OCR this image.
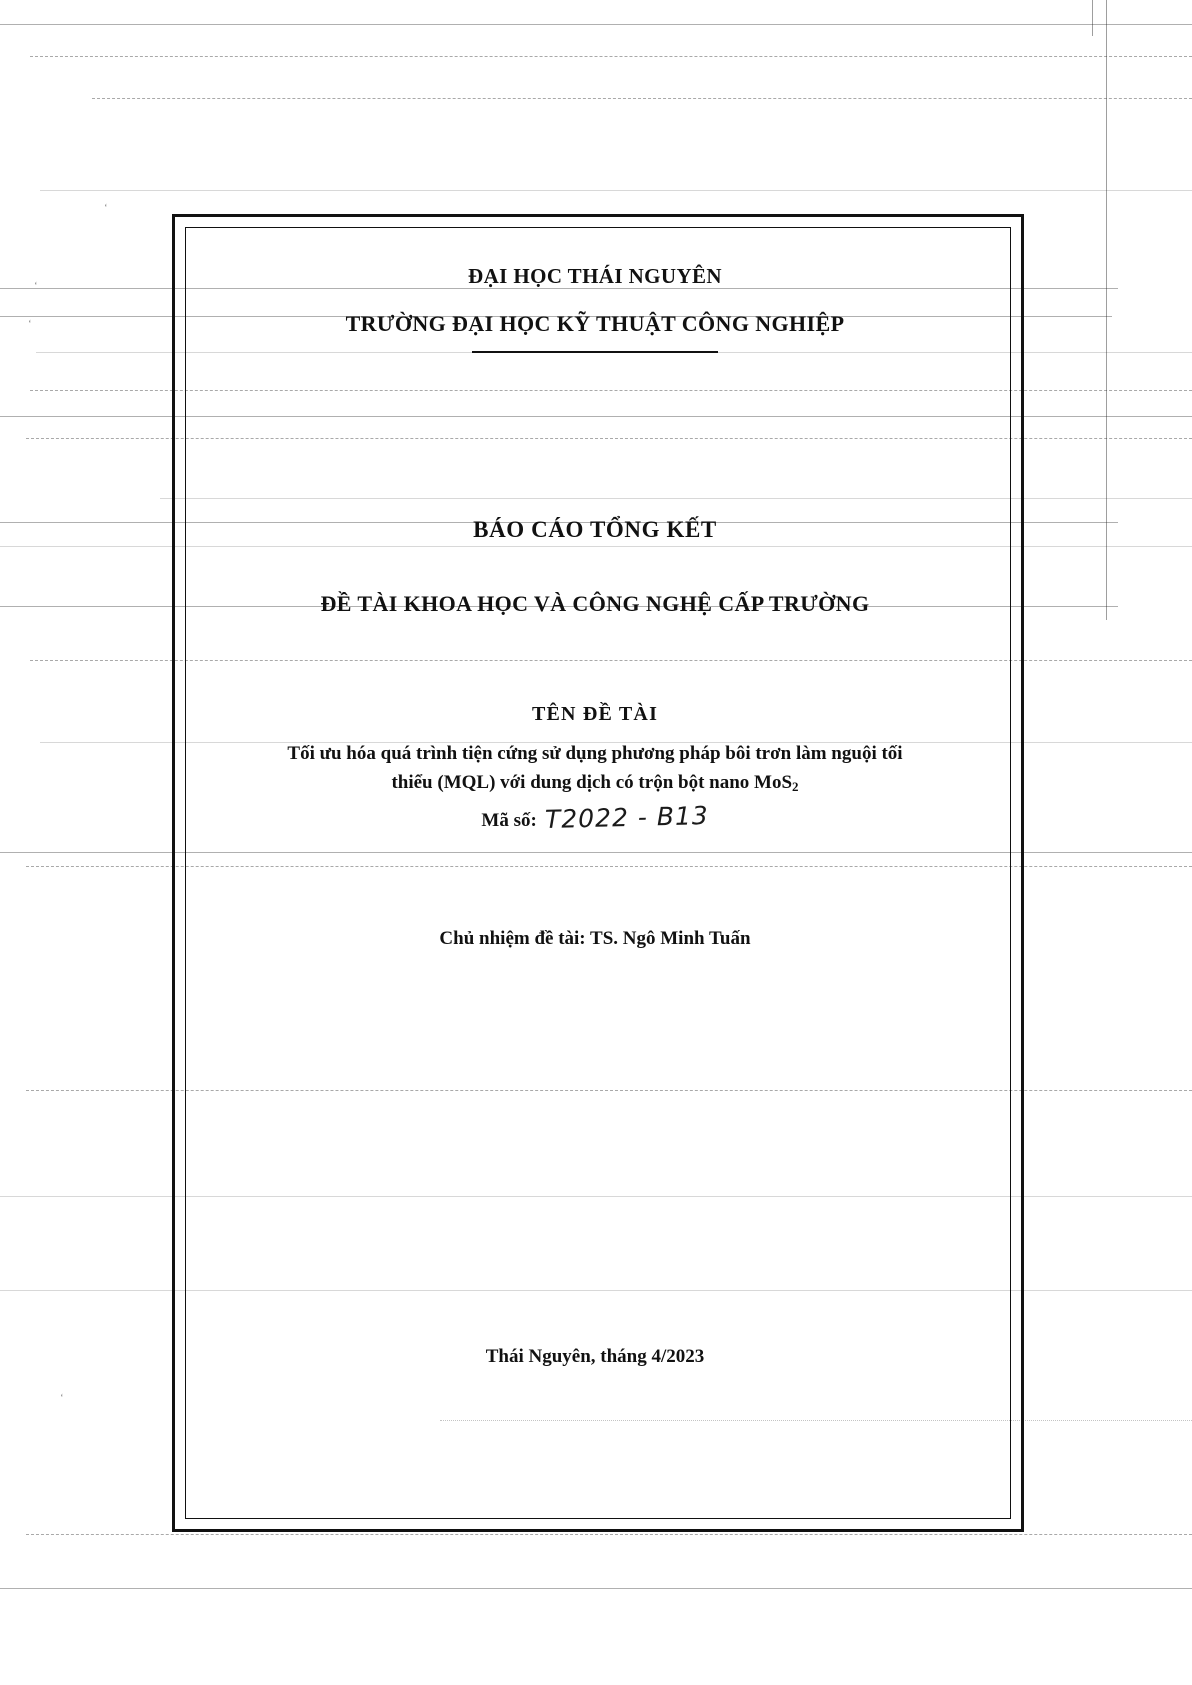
ʻ
ʻ
ʻ
ʻ
ĐẠI HỌC THÁI NGUYÊN
TRƯỜNG ĐẠI HỌC KỸ THUẬT CÔNG NGHIỆP
BÁO CÁO TỔNG KẾT
ĐỀ TÀI KHOA HỌC VÀ CÔNG NGHỆ CẤP TRƯỜNG
TÊN ĐỀ TÀI
Tối ưu hóa quá trình tiện cứng sử dụng phương pháp bôi trơn làm nguội tối
thiểu (MQL) với dung dịch có trộn bột nano MoS$_2$
Mã số: T2022 - B13
Chủ nhiệm đề tài: TS. Ngô Minh Tuấn
Thái Nguyên, tháng 4/2023
